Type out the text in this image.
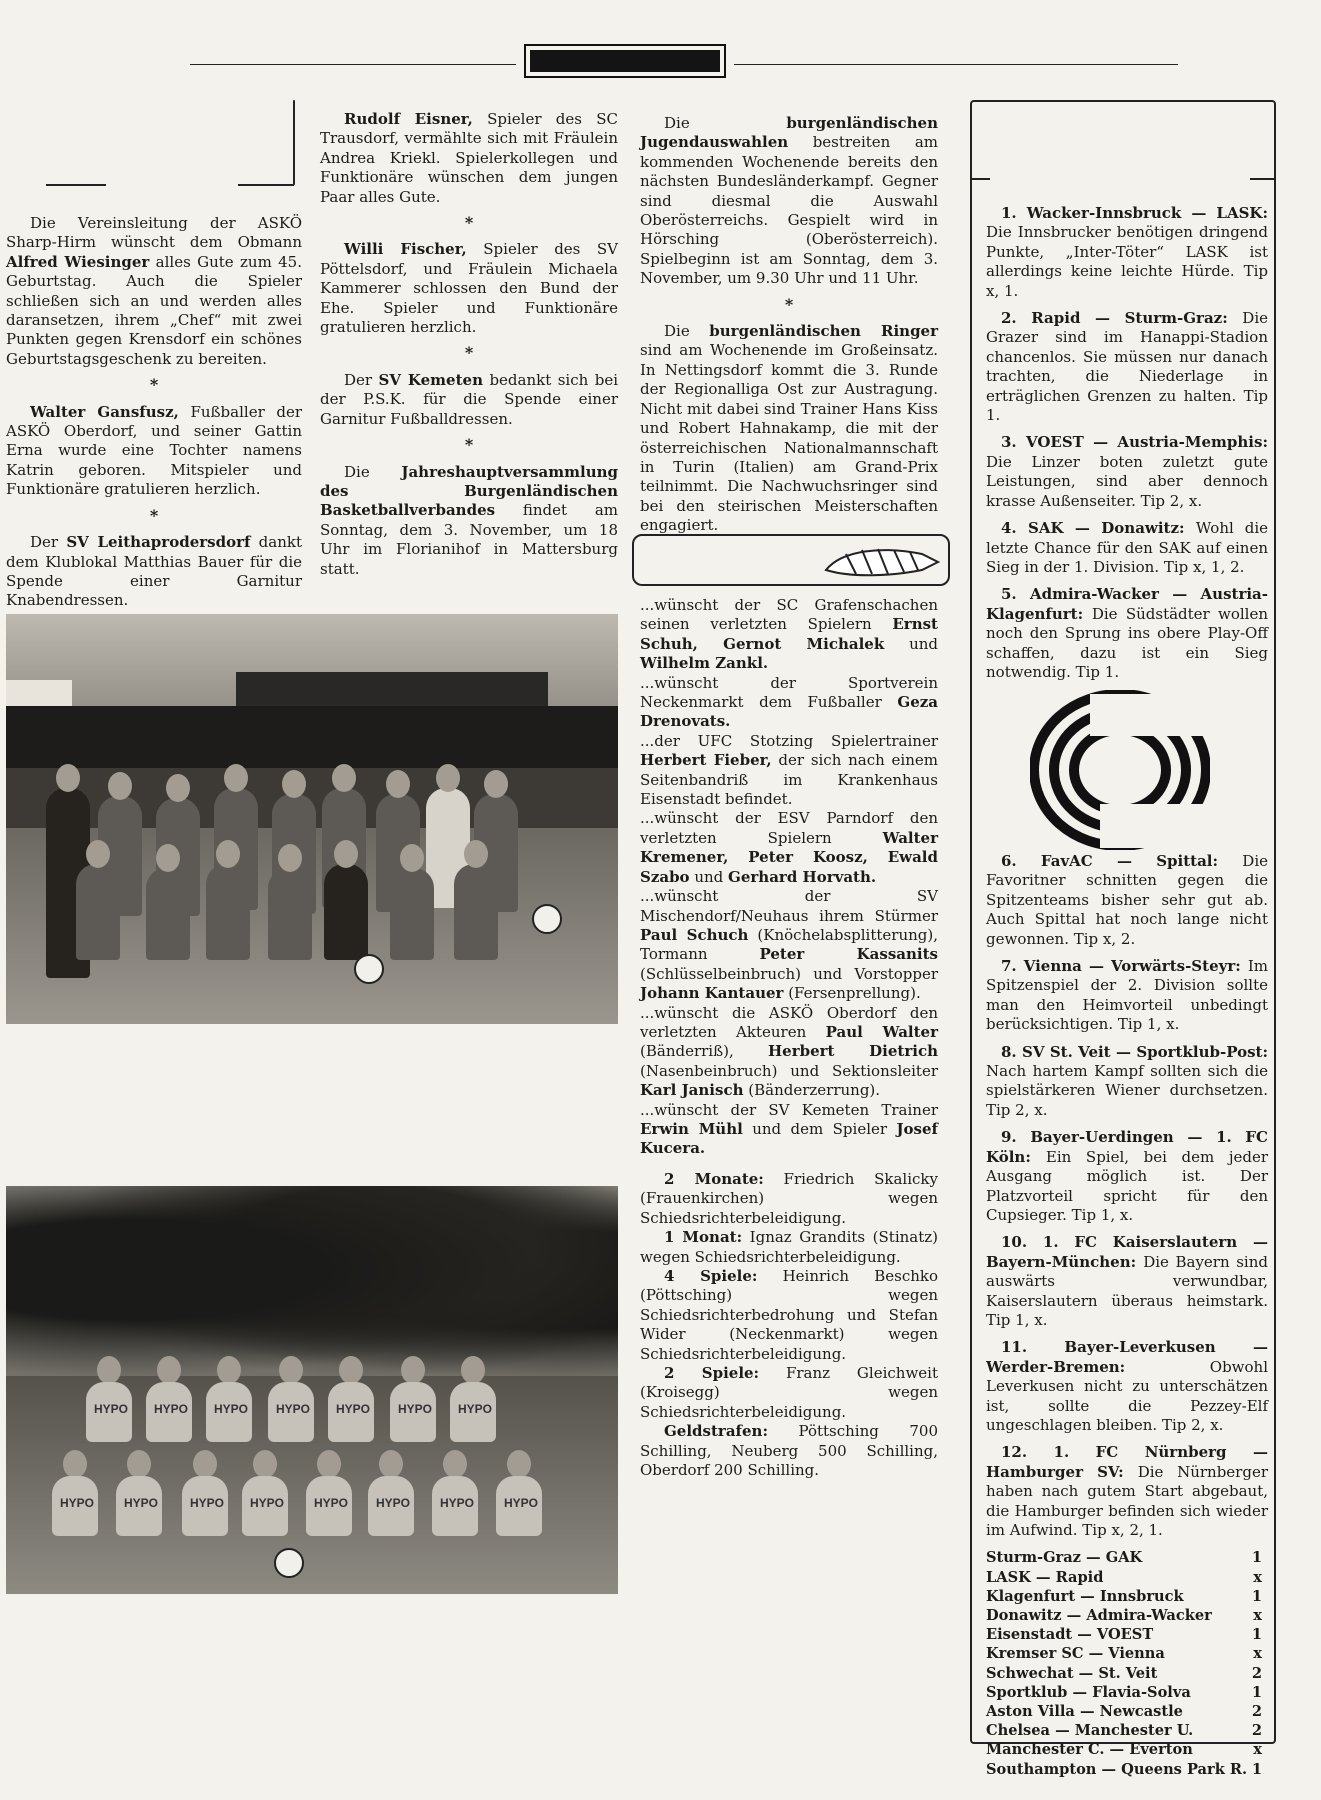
Die Vereinsleitung der ASKÖ Sharp-Hirm wünscht dem Obmann Alfred Wiesinger alles Gute zum 45. Geburtstag. Auch die Spieler schließen sich an und werden alles daransetzen, ihrem „Chef“ mit zwei Punkten gegen Krensdorf ein schönes Geburtstagsgeschenk zu bereiten.

*

Walter Gansfusz, Fußballer der ASKÖ Oberdorf, und seiner Gattin Erna wurde eine Tochter namens Katrin geboren. Mitspieler und Funktionäre gratulieren herzlich.

*

Der SV Leithaprodersdorf dankt dem Klublokal Matthias Bauer für die Spende einer Garnitur Knabendressen.

Rudolf Eisner, Spieler des SC Trausdorf, vermählte sich mit Fräulein Andrea Kriekl. Spielerkollegen und Funktionäre wünschen dem jungen Paar alles Gute.

*

Willi Fischer, Spieler des SV Pöttelsdorf, und Fräulein Michaela Kammerer schlossen den Bund der Ehe. Spieler und Funktionäre gratulieren herzlich.

*

Der SV Kemeten bedankt sich bei der P.S.K. für die Spende einer Garnitur Fußballdressen.

*

Die Jahreshauptversammlung des Burgenländischen Basketballverbandes findet am Sonntag, dem 3. November, um 18 Uhr im Florianihof in Mattersburg statt.

Die burgenländischen Jugendauswahlen bestreiten am kommenden Wochenende bereits den nächsten Bundesländerkampf. Gegner sind diesmal die Auswahl Oberösterreichs. Gespielt wird in Hörsching (Oberösterreich). Spielbeginn ist am Sonntag, dem 3. November, um 9.30 Uhr und 11 Uhr.

*

Die burgenländischen Ringer sind am Wochenende im Großeinsatz. In Nettingsdorf kommt die 3. Runde der Regionalliga Ost zur Austragung. Nicht mit dabei sind Trainer Hans Kiss und Robert Hahnakamp, die mit der österreichischen Nationalmannschaft in Turin (Italien) am Grand-Prix teilnimmt. Die Nachwuchsringer sind bei den steirischen Meisterschaften engagiert.

HYPO HYPO HYPO HYPO HYPO HYPO HYPO
HYPO HYPO	HYPO HYPO HYPO HYPO HYPO HYPO

...wünscht der SC Grafenschachen seinen verletzten Spielern Ernst Schuh, Gernot Michalek und Wilhelm Zankl.

...wünscht der Sportverein Neckenmarkt dem Fußballer Geza Drenovats.

...der UFC Stotzing Spielertrainer Herbert Fieber, der sich nach einem Seitenbandriß im Krankenhaus Eisenstadt befindet.

...wünscht der ESV Parndorf den verletzten Spielern Walter Kremener, Peter Koosz, Ewald Szabo und Gerhard Horvath.

...wünscht der SV Mischendorf/Neuhaus ihrem Stürmer Paul Schuch (Knöchelabsplitterung), Tormann Peter Kassanits (Schlüsselbeinbruch) und Vorstopper Johann Kantauer (Fersenprellung).

...wünscht die ASKÖ Oberdorf den verletzten Akteuren Paul Walter (Bänderriß), Herbert Dietrich (Nasenbeinbruch) und Sektionsleiter Karl Janisch (Bänderzerrung).

...wünscht der SV Kemeten Trainer Erwin Mühl und dem Spieler Josef Kucera.

2 Monate: Friedrich Skalicky (Frauenkirchen) wegen Schiedsrichterbeleidigung.

1 Monat: Ignaz Grandits (Stinatz) wegen Schiedsrichterbeleidigung.

4 Spiele: Heinrich Beschko (Pöttsching) wegen Schiedsrichterbedrohung und Stefan Wider (Neckenmarkt) wegen Schiedsrichterbeleidigung.

2 Spiele: Franz Gleichweit (Kroisegg) wegen Schiedsrichterbeleidigung.

Geldstrafen: Pöttsching 700 Schilling, Neuberg 500 Schilling, Oberdorf 200 Schilling.

 1. Wacker-Innsbruck — LASK: Die Innsbrucker benötigen dringend Punkte, „Inter-Töter“ LASK ist allerdings keine leichte Hürde. Tip x, 1.

 2. Rapid — Sturm-Graz: Die Grazer sind im Hanappi-Stadion chancenlos. Sie müssen nur danach trachten, die Niederlage in erträglichen Grenzen zu halten. Tip 1.

 3. VOEST — Austria-Memphis: Die Linzer boten zuletzt gute Leistungen, sind aber dennoch krasse Außenseiter. Tip 2, x.

 4. SAK — Donawitz: Wohl die letzte Chance für den SAK auf einen Sieg in der 1. Division. Tip x, 1, 2.

 5. Admira-Wacker — Austria-Klagenfurt: Die Südstädter wollen noch den Sprung ins obere Play-Off schaffen, dazu ist ein Sieg notwendig. Tip 1.

 6. FavAC — Spittal: Die Favoritner schnitten gegen die Spitzenteams bisher sehr gut ab. Auch Spittal hat noch lange nicht gewonnen. Tip x, 2.

 7. Vienna — Vorwärts-Steyr: Im Spitzenspiel der 2. Division sollte man den Heimvorteil unbedingt berücksichtigen. Tip 1, x.

 8. SV St. Veit — Sportklub-Post: Nach hartem Kampf sollten sich die spielstärkeren Wiener durchsetzen. Tip 2, x.

 9. Bayer-Uerdingen — 1. FC Köln: Ein Spiel, bei dem jeder Ausgang möglich ist. Der Platzvorteil spricht für den Cupsieger. Tip 1, x.

 10. 1. FC Kaiserslautern — Bayern-München: Die Bayern sind auswärts verwundbar, Kaiserslautern überaus heimstark. Tip 1, x.

 11. Bayer-Leverkusen — Werder-Bremen: Obwohl Leverkusen nicht zu unterschätzen ist, sollte die Pezzey-Elf ungeschlagen bleiben. Tip 2, x.

 12. 1. FC Nürnberg — Hamburger SV: Die Nürnberger haben nach gutem Start abgebaut, die Hamburger befinden sich wieder im Aufwind. Tip x, 2, 1.

Sturm-Graz — GAK	1
LASK — Rapid	x
Klagenfurt — Innsbruck	1
Donawitz — Admira-Wacker	x
Eisenstadt — VOEST	1
Kremser SC — Vienna	x
Schwechat — St. Veit	2
Sportklub — Flavia-Solva	1
Aston Villa — Newcastle	2
Chelsea — Manchester U.	2
Manchester C. — Everton	x
Southampton — Queens Park R. 1
